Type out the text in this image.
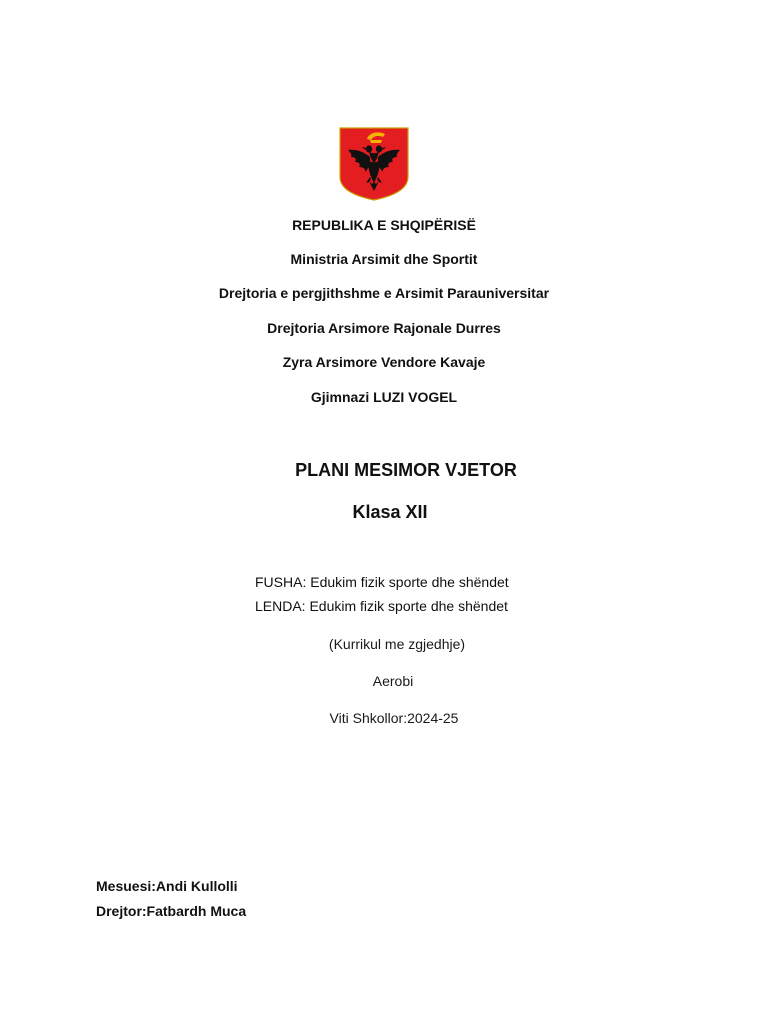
REPUBLIKA E SHQIPËRISË
Ministria Arsimit dhe Sportit
Drejtoria e pergjithshme e Arsimit Parauniversitar
Drejtoria Arsimore Rajonale Durres
Zyra Arsimore Vendore Kavaje
Gjimnazi LUZI VOGEL
PLANI MESIMOR VJETOR
Klasa XII
FUSHA: Edukim fizik sporte dhe shëndet
LENDA: Edukim fizik sporte dhe shëndet
(Kurrikul me zgjedhje)
Aerobi
Viti Shkollor:2024-25
Mesuesi:Andi Kullolli
Drejtor:Fatbardh Muca
